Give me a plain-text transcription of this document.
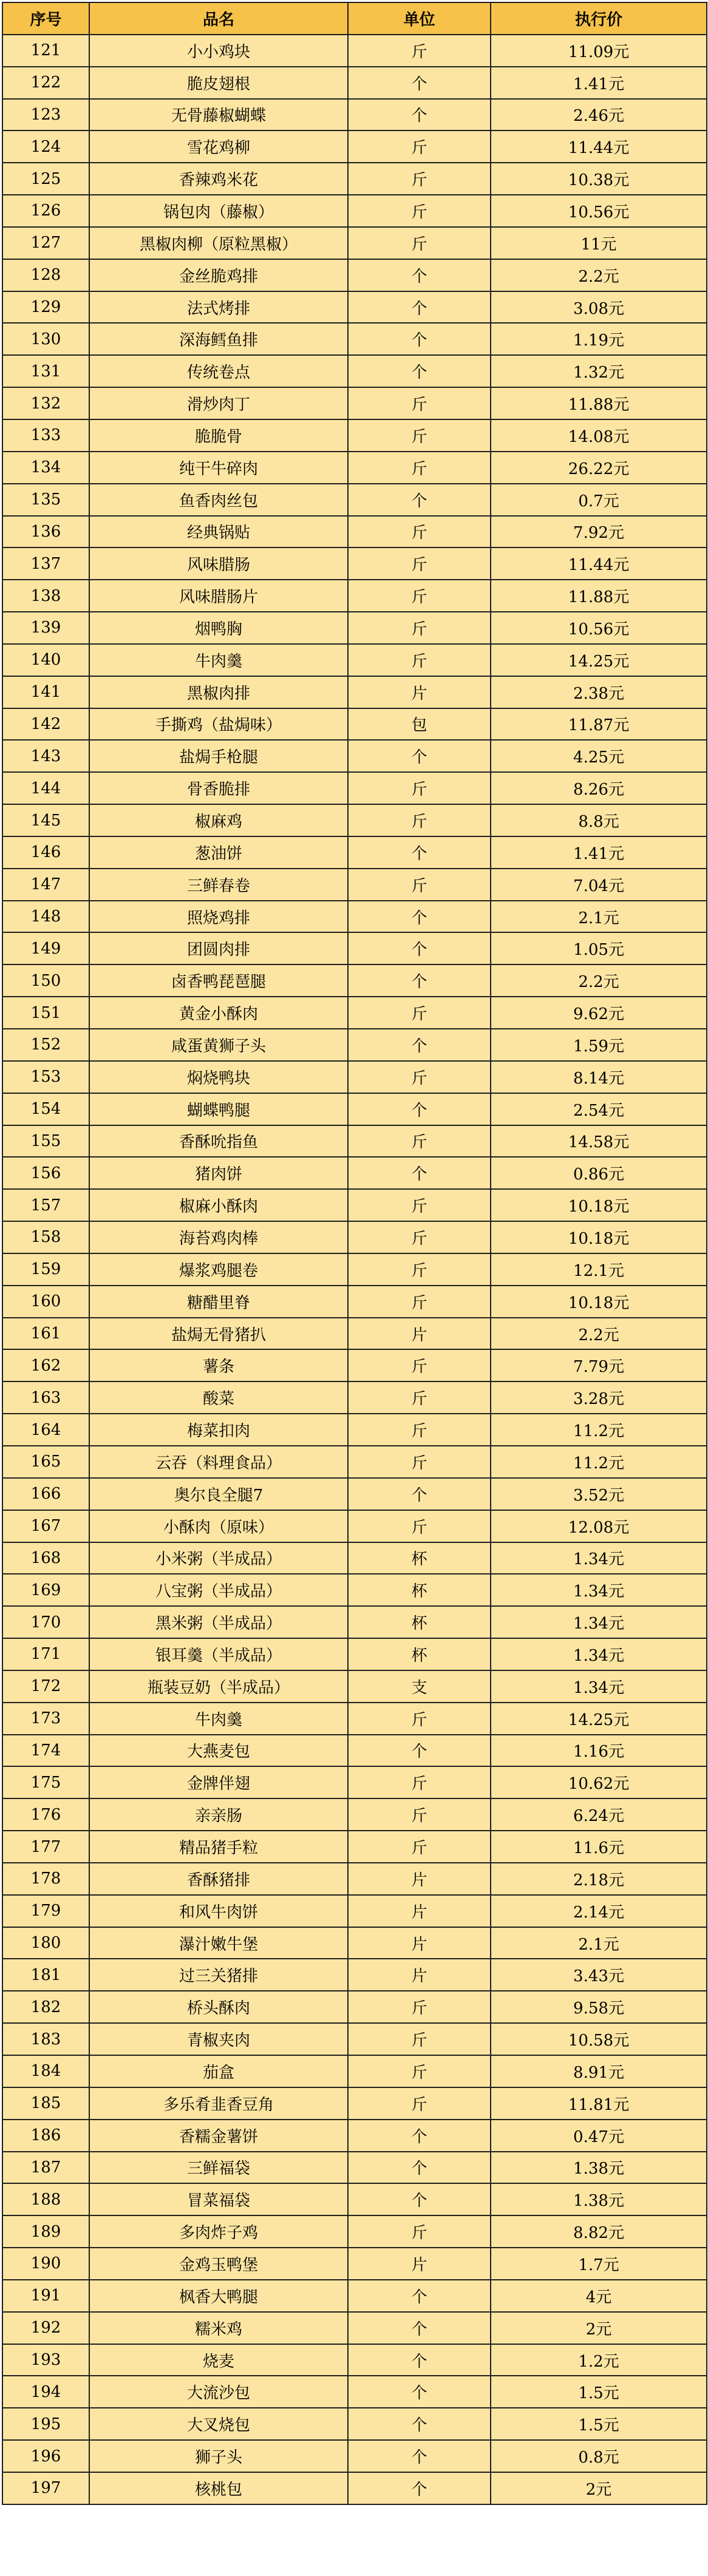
序号	品名	单位	执行价
121	小小鸡块	斤	11.09元
122	脆皮翅根	个	1.41元
123	无骨藤椒蝴蝶	个	2.46元
124	雪花鸡柳	斤	11.44元
125	香辣鸡米花	斤	10.38元
126	锅包肉（藤椒）	斤	10.56元
127	黑椒肉柳（原粒黑椒）	斤	11元
128	金丝脆鸡排	个	2.2元
129	法式烤排	个	3.08元
130	深海鳕鱼排	个	1.19元
131	传统卷点	个	1.32元
132	滑炒肉丁	斤	11.88元
133	脆脆骨	斤	14.08元
134	纯干牛碎肉	斤	26.22元
135	鱼香肉丝包	个	0.7元
136	经典锅贴	斤	7.92元
137	风味腊肠	斤	11.44元
138	风味腊肠片	斤	11.88元
139	烟鸭胸	斤	10.56元
140	牛肉羹	斤	14.25元
141	黑椒肉排	片	2.38元
142	手撕鸡（盐焗味）	包	11.87元
143	盐焗手枪腿	个	4.25元
144	骨香脆排	斤	8.26元
145	椒麻鸡	斤	8.8元
146	葱油饼	个	1.41元
147	三鲜春卷	斤	7.04元
148	照烧鸡排	个	2.1元
149	团圆肉排	个	1.05元
150	卤香鸭琵琶腿	个	2.2元
151	黄金小酥肉	斤	9.62元
152	咸蛋黄狮子头	个	1.59元
153	焖烧鸭块	斤	8.14元
154	蝴蝶鸭腿	个	2.54元
155	香酥吮指鱼	斤	14.58元
156	猪肉饼	个	0.86元
157	椒麻小酥肉	斤	10.18元
158	海苔鸡肉棒	斤	10.18元
159	爆浆鸡腿卷	斤	12.1元
160	糖醋里脊	斤	10.18元
161	盐焗无骨猪扒	片	2.2元
162	薯条	斤	7.79元
163	酸菜	斤	3.28元
164	梅菜扣肉	斤	11.2元
165	云吞（料理食品）	斤	11.2元
166	奥尔良全腿7	个	3.52元
167	小酥肉（原味）	斤	12.08元
168	小米粥（半成品）	杯	1.34元
169	八宝粥（半成品）	杯	1.34元
170	黑米粥（半成品）	杯	1.34元
171	银耳羹（半成品）	杯	1.34元
172	瓶装豆奶（半成品）	支	1.34元
173	牛肉羹	斤	14.25元
174	大燕麦包	个	1.16元
175	金牌伴翅	斤	10.62元
176	亲亲肠	斤	6.24元
177	精品猪手粒	斤	11.6元
178	香酥猪排	片	2.18元
179	和风牛肉饼	片	2.14元
180	瀑汁嫩牛堡	片	2.1元
181	过三关猪排	片	3.43元
182	桥头酥肉	斤	9.58元
183	青椒夹肉	斤	10.58元
184	茄盒	斤	8.91元
185	多乐肴韭香豆角	斤	11.81元
186	香糯金薯饼	个	0.47元
187	三鲜福袋	个	1.38元
188	冒菜福袋	个	1.38元
189	多肉炸子鸡	斤	8.82元
190	金鸡玉鸭堡	片	1.7元
191	枫香大鸭腿	个	4元
192	糯米鸡	个	2元
193	烧麦	个	1.2元
194	大流沙包	个	1.5元
195	大叉烧包	个	1.5元
196	狮子头	个	0.8元
197	核桃包	个	2元
